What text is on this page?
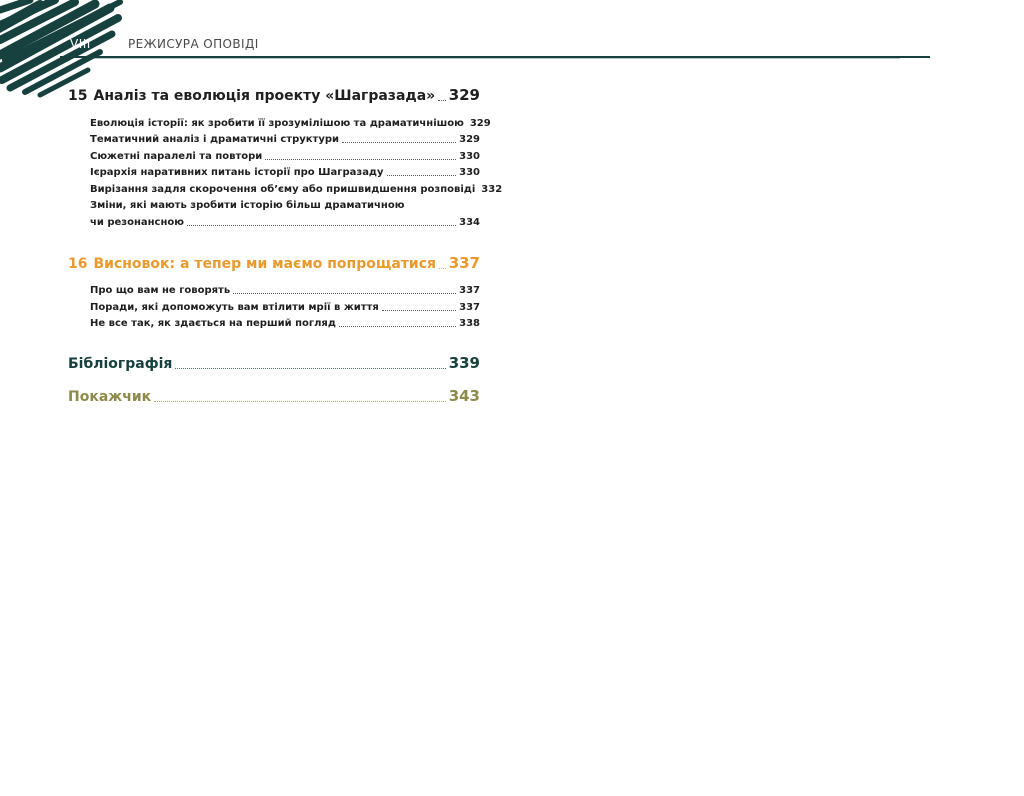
VIII	РЕЖИСУРА ОПОВІДІ
15 Аналіз та еволюція проекту «Шагразада» 329
Еволюція історії: як зробити її зрозумілішою та драматичнішою 329
Тематичний аналіз і драматичні структури	329
Сюжетні паралелі та повтори	330
Ієрархія наративних питань історії про Шагразаду	330
Вирізання задля скорочення об’єму або пришвидшення розповіді 332
Зміни, які мають зробити історію більш драматичною
чи резонансною	334
16 Висновок: а тепер ми маємо попрощатися 337
Про що вам не говорять	337
Поради, які допоможуть вам втілити мрії в життя	337
Не все так, як здається на перший погляд	338
Бібліографія	339
Покажчик	343
